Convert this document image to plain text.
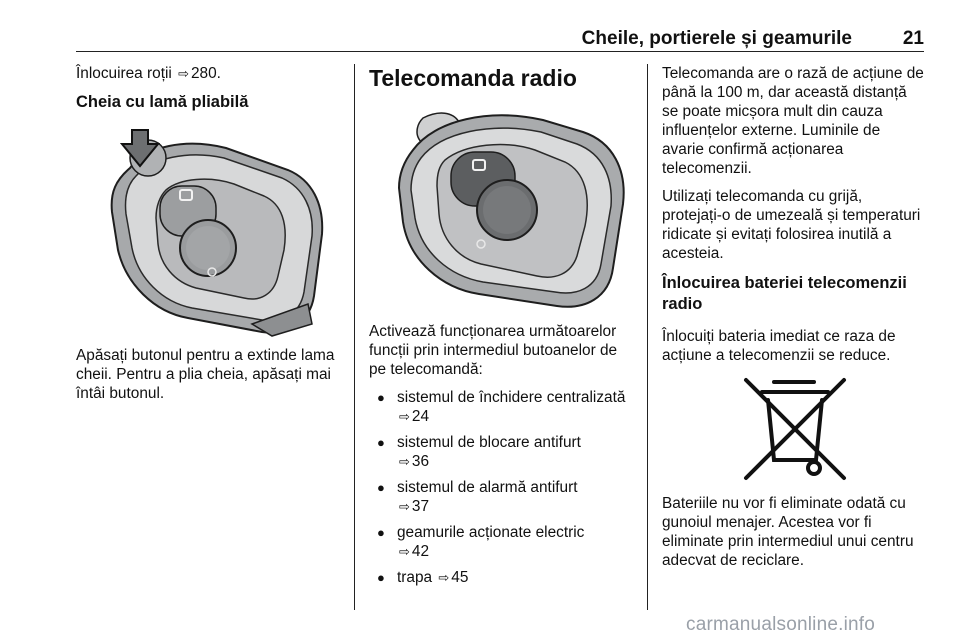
Cheile, portierele și geamurile	21

Înlocuirea roții ⇨ 280.

Cheia cu lamă pliabilă

Apăsați butonul pentru a extinde lama cheii. Pentru a plia cheia, apăsați mai întâi butonul.

Telecomanda radio

Activează funcționarea următoarelor funcții prin intermediul butoanelor de pe telecomandă:

● sistemul de închidere centralizată ⇨ 24
● sistemul de blocare antifurt
⇨ 36
● sistemul de alarmă antifurt
⇨ 37
● geamurile acționate electric
⇨ 42
● trapa ⇨ 45

Telecomanda are o rază de acțiune de până la 100 m, dar această distanță se poate micșora mult din cauza influențelor externe. Luminile de avarie confirmă acționarea telecomenzii.

Utilizați telecomanda cu grijă, protejați-o de umezeală și temperaturi ridicate și evitați folosirea inutilă a acesteia.

Înlocuirea bateriei telecomenzii radio

Înlocuiți bateria imediat ce raza de acțiune a telecomenzii se reduce.

Bateriile nu vor fi eliminate odată cu gunoiul menajer. Acestea vor fi eliminate prin intermediul unui centru adecvat de reciclare.

carmanualsonline.info
